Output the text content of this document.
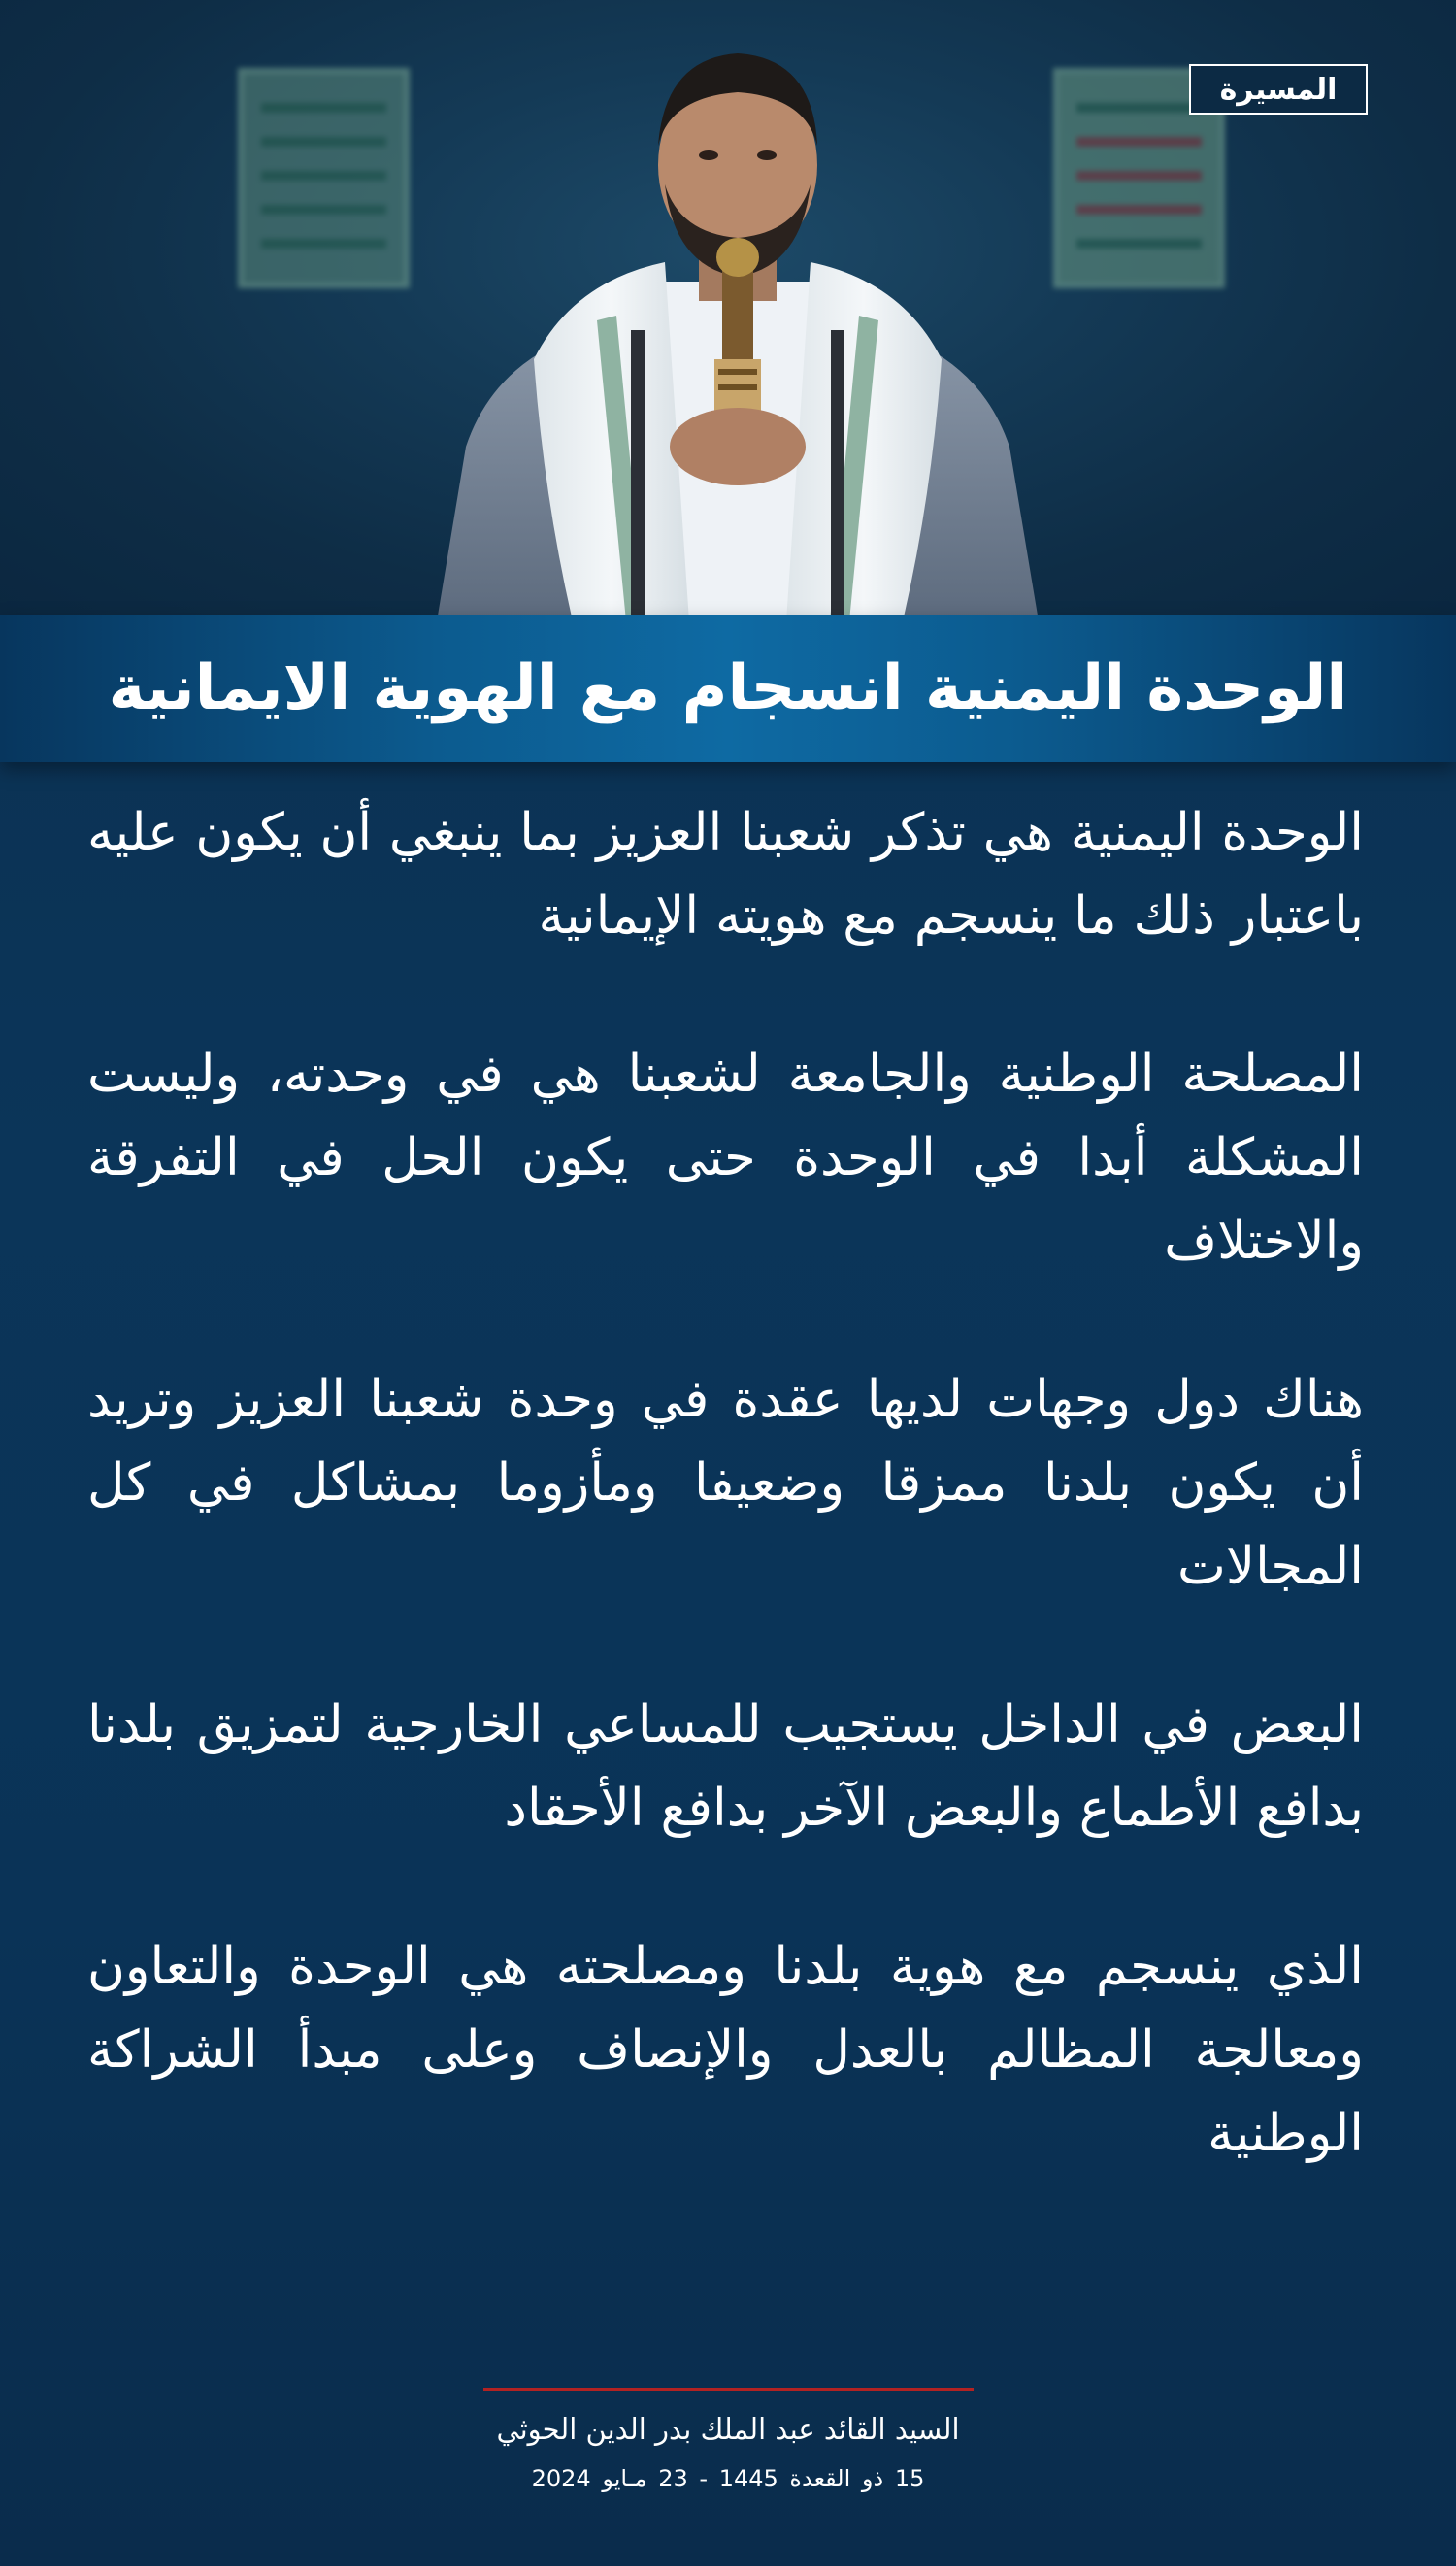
المسيرة
الوحدة اليمنية انسجام مع الهوية الايمانية

الوحدة اليمنية هي تذكر شعبنا العزيز بما ينبغي أن يكون عليه باعتبار ذلك ما ينسجم مع هويته الإيمانية

المصلحة الوطنية والجامعة لشعبنا هي في وحدته، وليست المشكلة أبدا في الوحدة حتى يكون الحل في التفرقة والاختلاف

هناك دول وجهات لديها عقدة في وحدة شعبنا العزيز وتريد أن يكون بلدنا ممزقا وضعيفا ومأزوما بمشاكل في كل المجالات

البعض في الداخل يستجيب للمساعي الخارجية لتمزيق بلدنا بدافع الأطماع والبعض الآخر بدافع الأحقاد

الذي ينسجم مع هوية بلدنا ومصلحته هي الوحدة والتعاون ومعالجة المظالم بالعدل والإنصاف وعلى مبدأ الشراكة الوطنية

السيد القائد عبد الملك بدر الدين الحوثي
15 ذو القعدة 1445 - 23 مـايو 2024
